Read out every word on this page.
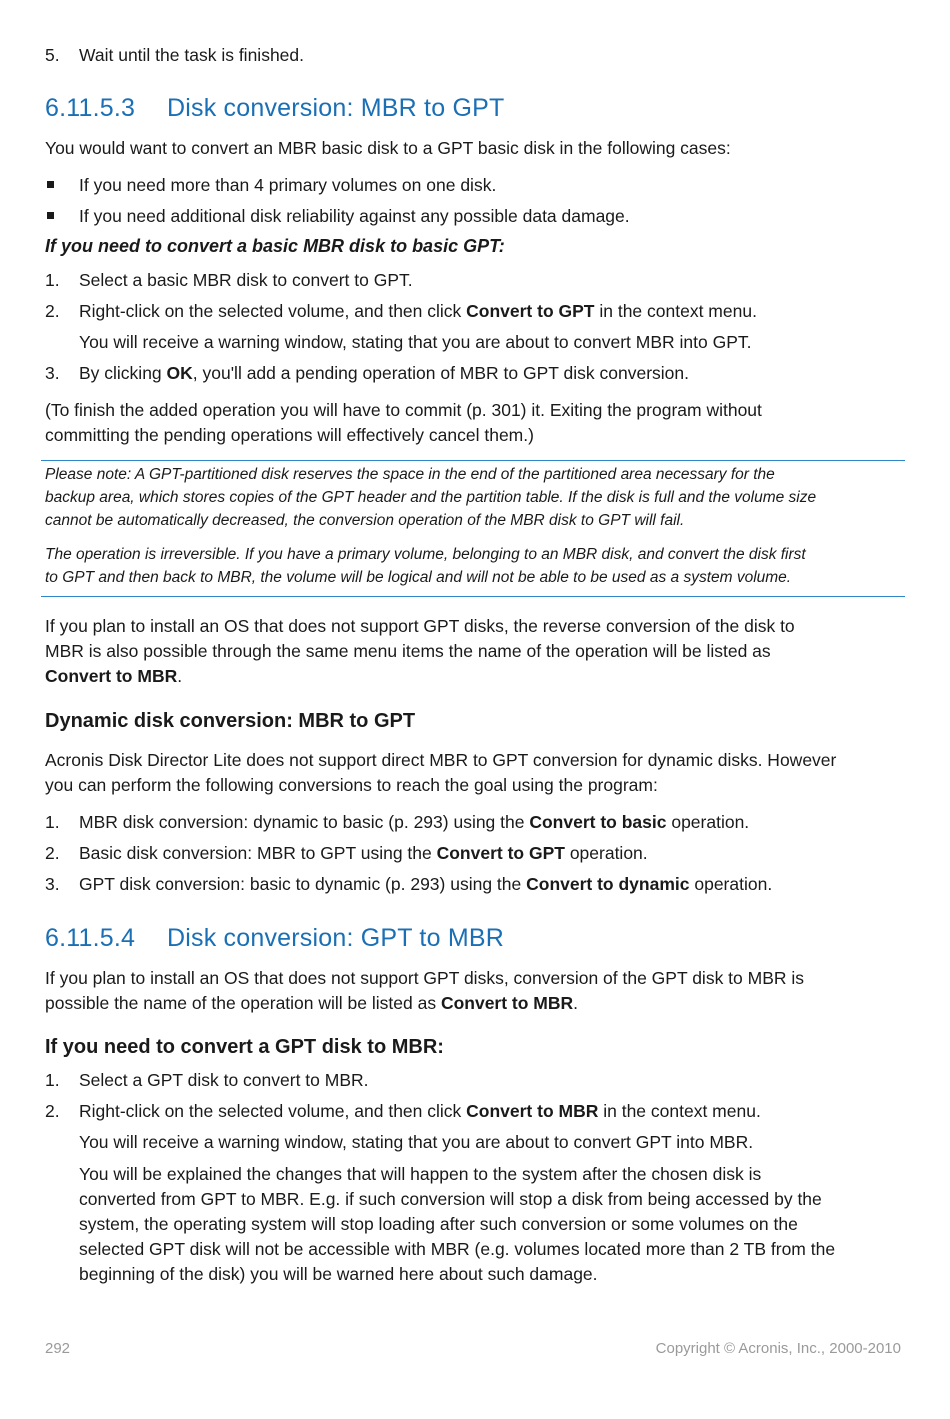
5. Wait until the task is finished.
6.11.5.3 Disk conversion: MBR to GPT
You would want to convert an MBR basic disk to a GPT basic disk in the following cases:
If you need more than 4 primary volumes on one disk.
If you need additional disk reliability against any possible data damage.
If you need to convert a basic MBR disk to basic GPT:
1. Select a basic MBR disk to convert to GPT.
2. Right-click on the selected volume, and then click Convert to GPT in the context menu.
You will receive a warning window, stating that you are about to convert MBR into GPT.
3. By clicking OK, you'll add a pending operation of MBR to GPT disk conversion.
(To finish the added operation you will have to commit (p. 301) it. Exiting the program without
committing the pending operations will effectively cancel them.)

Please note: A GPT-partitioned disk reserves the space in the end of the partitioned area necessary for the
backup area, which stores copies of the GPT header and the partition table. If the disk is full and the volume size
cannot be automatically decreased, the conversion operation of the MBR disk to GPT will fail.

The operation is irreversible. If you have a primary volume, belonging to an MBR disk, and convert the disk first
to GPT and then back to MBR, the volume will be logical and will not be able to be used as a system volume.

If you plan to install an OS that does not support GPT disks, the reverse conversion of the disk to
MBR is also possible through the same menu items the name of the operation will be listed as
Convert to MBR.
Dynamic disk conversion: MBR to GPT
Acronis Disk Director Lite does not support direct MBR to GPT conversion for dynamic disks. However
you can perform the following conversions to reach the goal using the program:
1. MBR disk conversion: dynamic to basic (p. 293) using the Convert to basic operation.
2. Basic disk conversion: MBR to GPT using the Convert to GPT operation.
3. GPT disk conversion: basic to dynamic (p. 293) using the Convert to dynamic operation.
6.11.5.4 Disk conversion: GPT to MBR
If you plan to install an OS that does not support GPT disks, conversion of the GPT disk to MBR is
possible the name of the operation will be listed as Convert to MBR.
If you need to convert a GPT disk to MBR:
1. Select a GPT disk to convert to MBR.
2. Right-click on the selected volume, and then click Convert to MBR in the context menu.
You will receive a warning window, stating that you are about to convert GPT into MBR.
You will be explained the changes that will happen to the system after the chosen disk is
converted from GPT to MBR. E.g. if such conversion will stop a disk from being accessed by the
system, the operating system will stop loading after such conversion or some volumes on the
selected GPT disk will not be accessible with MBR (e.g. volumes located more than 2 TB from the
beginning of the disk) you will be warned here about such damage.
292	Copyright © Acronis, Inc., 2000-2010
